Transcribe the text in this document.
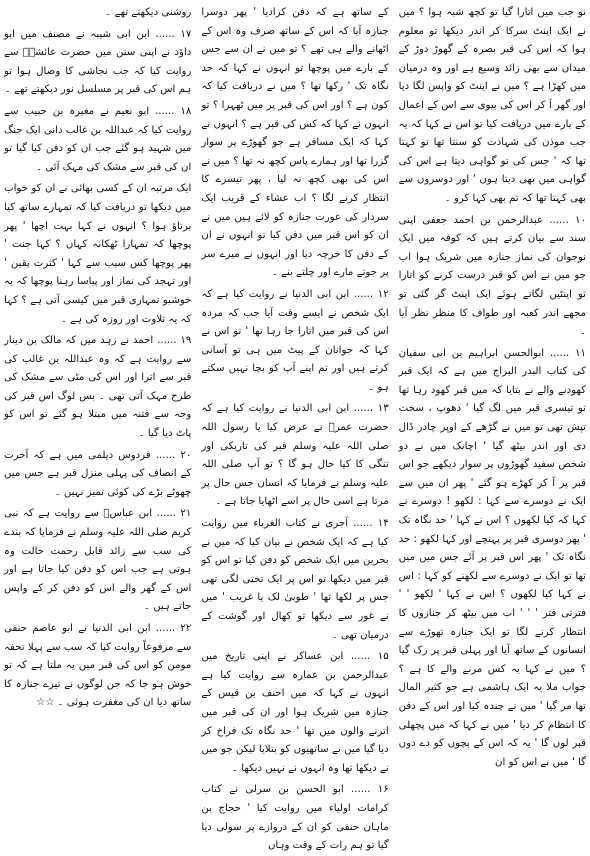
نو جب میں اتارا گیا تو کچھ شبہ ہوا ؟ میں نے ایک اینٹ سرکا کر اندر دیکھا تو معلوم ہوا کہ اس کی قبر بصرہ کے گھوڑ دوڑ کے میدان سے بھی زائد وسیع ہے اور وہ درمیان میں کھڑا ہے ؟ میں نے اینٹ کو واپس لگا دیا اور گھر آ کر اس کی بیوی سے اس کے اعمال کے بارے میں دریافت کیا تو اس نے کہا کہ یہ جب موذن کی شہادت کو سنتا تھا تو کہتا تھا کہ ' جس کی تو گواہی دیتا ہے اس کی گواہی میں بھی دیتا ہوں ' اور دوسروں سے بھی کہتا تھا کہ تم بھی کہا کرو ۔

۱۰ ...... عبدالرحمن بن احمد جعفی اپنی سند سے بیان کرتے ہیں کہ کوفہ میں ایک نوجوان کی نماز جنازہ میں شریک ہوا اب جو میں نے اس کو قبر درست کرنے کو اتارا تو اینٹیں لگاتے ہوئے ایک اینٹ گر گئی تو مجھے اندر کعبہ اور طواف کا منظر نظر آیا ۔

۱۱ ...... ابوالحسن ابراہیم بن ابی سفیان کی کتاب البدر البراج میں ہے کہ ایک قبر کھودنے والے نے بتایا کہ میں قبر کھود رہا تھا تو تیسری قبر میں لگ گیا ' دھوپ ، سخت تپش تھی تو میں نے گڑھے کے اوپر چادر ڈال دی اور اندر بیٹھ گیا ' اچانک میں نے دو شخص سفید گھوڑوں پر سوار دیکھے جو اس قبر پر آ کر کھڑے ہو گئے ' پھر ان میں سے ایک نے دوسرے سے کہا : لکھو ! دوسرے نے کہا کہ کیا لکھوں ؟ اس نے کہا ' حد نگاہ تک ' پھر دوسری قبر پر پہنچے اور کہا لکھو : حد نگاہ تک ' پھر اس قبر پر آئے جس میں میں تھا تو ایک نے دوسرے سے لکھنے کو کہا : اس نے کہا کیا لکھوں ؟ اس نے کہا ' لکھو ' ' فترتی فتر ' ' ' اب میں بیٹھ کر جنازوں کا انتظار کرنے لگا تو ایک جنازہ تھوڑے سے انسانوں کے ساتھ آیا اور پہلی قبر پر رک گیا ؟ میں نے کہا یہ کس مرنے والے کا ہے ؟ جواب ملا یہ ایک ہاشمی ہے جو کثیر المال تھا مر گیا ' میں نے چندہ کیا اور اس کے دفن کا انتظام کر دیا ' میں نے کہا کہ میں پچھلی قبر لوں گا ' یہ کہ اس کے بچوں کو دے دوں گا ' میں نے اس کو ان

کے ساتھ ہے کہ دفن کرادیا ' پھر دوسرا جنازہ آیا کہ اس کے ساتھ صرف وہ اس کے اٹھانے والے ہی تھے ؟ تو میں نے ان سے جس کے بارے میں پوچھا تو انہوں نے کہا کہ حد نگاہ تک ' رکھا تھا ؟ میں نے دریافت کیا کہ کون ہے ؟ اور اس کی قبر پر میں ٹھہرا ؟ تو انہوں نے کہا کہ کس کی قبر ہے ؟ انہوں نے کہا کہ ایک مسافر ہے جو گھوڑے پر سوار گزرا تھا اور ہمارے پاس کچھ نہ تھا ؟ میں نے اس کی بھی کچھ نہ لیا ، پھر تیسرے کا انتظار کرنے لگا ؟ اب عشاء کے قریب ایک سردار کی عورت جنازہ کو لائے ہیں میں نے ان کو اس قبر میں دفن کیا تو انہوں نے ان کے دفن کا خرچہ دیا اور انہوں نے میرے سر پر جوتے مارے اور چلتے بنے ۔

۱۲ ...... ابن ابی الدنیا نے روایت کیا ہے کہ ایک شخص نے ایسے وقت آیا جب کہ مردہ اس کی قبر میں اتارا جا رہا تھا ' تو اس نے کہا کہ جوانان کے پیٹ میں ہی تو آسانی کرتے ہیں اور تم اپنے آپ کو بچا نہیں سکتے ہو ۔

۱۳ ...... ابن ابی الدنیا نے روایت کیا ہے کہ حضرت عمرؓ نے عرض کیا یا رسول اللہ صلی اللہ علیہ وسلم قبر کی تاریکی اور تنگی کا کیا حال ہو گا ؟ تو آپ صلی اللہ علیہ وسلم نے فرمایا کہ انسان جس حال پر مرتا ہے اسی حال پر اسے اٹھایا جاتا ہے ۔

۱۴ ...... آجری نے کتاب الغرباء میں روایت کیا ہے کہ ایک شخص نے بیان کیا کہ میں نے بحرین میں ایک شخص کو دفن کیا تو اس کو قبر میں دیکھا تو اس پر ایک تختی لگی تھی جس پر لکھا تھا ' طوبیٰ لک یا غریب ' میں نے غور سے دیکھا تو کھال اور گوشت کے درمیان تھی ۔

۱۵ ...... ابن عساکر نے اپنی تاریخ میں عبدالرحمن بن عمارہ سے روایت کیا ہے انہوں نے کہا کہ میں احنف بن قیس کے جنازہ میں شریک ہوا اور ان کی قبر میں اترنے والوں میں تھا ' حد نگاہ تک فراخ کر دیا گیا میں نے ساتھیوں کو بتلایا لیکن جو میں نے دیکھا تھا وہ انہوں نے نہیں دیکھا ۔

۱۶ ...... ابو الحسن بن سرلی نے کتاب کرامات اولیاء میں روایت کیا ' حجاج بن ماہان حنفی کو ان کے دروازے پر سولی دیا گیا تو ہم رات کے وقت وہاں

روشنی دیکھتے تھے ۔

۱۷ ...... ابن ابی شیبہ نے مصنف میں ابو داؤد نے اپنی سنن میں حضرت عائشہؓ سے روایت کیا کہ جب نجاشی کا وصال ہوا تو ہم اس کی قبر پر مسلسل نور دیکھتے تھے ۔

۱۸ ...... ابو نعیم نے مغیرہ بن حبیب سے روایت کیا کہ عبداللہ بن غالب دانی ایک جنگ میں شہید ہو گئے جب ان کو دفن کیا گیا تو ان کی قبر سے مشک کی مہک آئی ۔

ایک مرتبہ ان کے کسی بھائی نے ان کو خواب میں دیکھا تو دریافت کیا کہ تمہارے ساتھ کیا برتاؤ ہوا ؟ انہوں نے کہا بہت اچھا ' پھر پوچھا کہ تمہارا ٹھکانہ کہاں ؟ کہا جنت ' پھر پوچھا کس سبب سے کہا ' کثرت یقین ' اور تہجد کی نماز اور پیاسا رہنا پوچھا کہ یہ خوشبو تمہاری قبر میں کیسی آتی ہے ؟ کہا کہ یہ تلاوت اور روزہ کی ہے ۔

۱۹ ...... احمد نے زہد میں کہ مالک بن دینار سے روایت ہے کہ وہ عبداللہ بن غالب کی قبر سے اترا اور اس کی مٹی سے مشک کی طرح مہک آتی تھی ۔ بس لوگ اس قبر کی وجہ سے فتنہ میں مبتلا ہو گئے تو اس کو پاٹ دیا گیا ۔

۲۰ ...... فردوس دیلمی میں ہے کہ آخرت کے انصاف کی پہلی منزل قبر ہے جس میں چھوٹے بڑے کی کوئی تمیز نہیں ۔

۲۱ ...... ابن عباسؓ سے روایت ہے کہ نبی کریم صلی اللہ علیہ وسلم نے فرمایا کہ بندے کی سب سے زائد قابل رحمت حالت وہ ہوتی ہے جب اس کو دفن کیا جاتا ہے اور اس کے گھر والے اس کو دفن کر کے واپس جاتے ہیں ۔

۲۲ ...... ابن ابی الدنیا نے ابو عاصم حنفی سے مرفوعاً روایت کیا کہ سب سے پہلا تحفہ مومن کو اس کی قبر میں یہ ملتا ہے کہ تو خوش ہو جا کہ جن لوگوں نے تیرے جنازہ کا ساتھ دیا ان کی مغفرت ہوئی ۔ ☆☆
